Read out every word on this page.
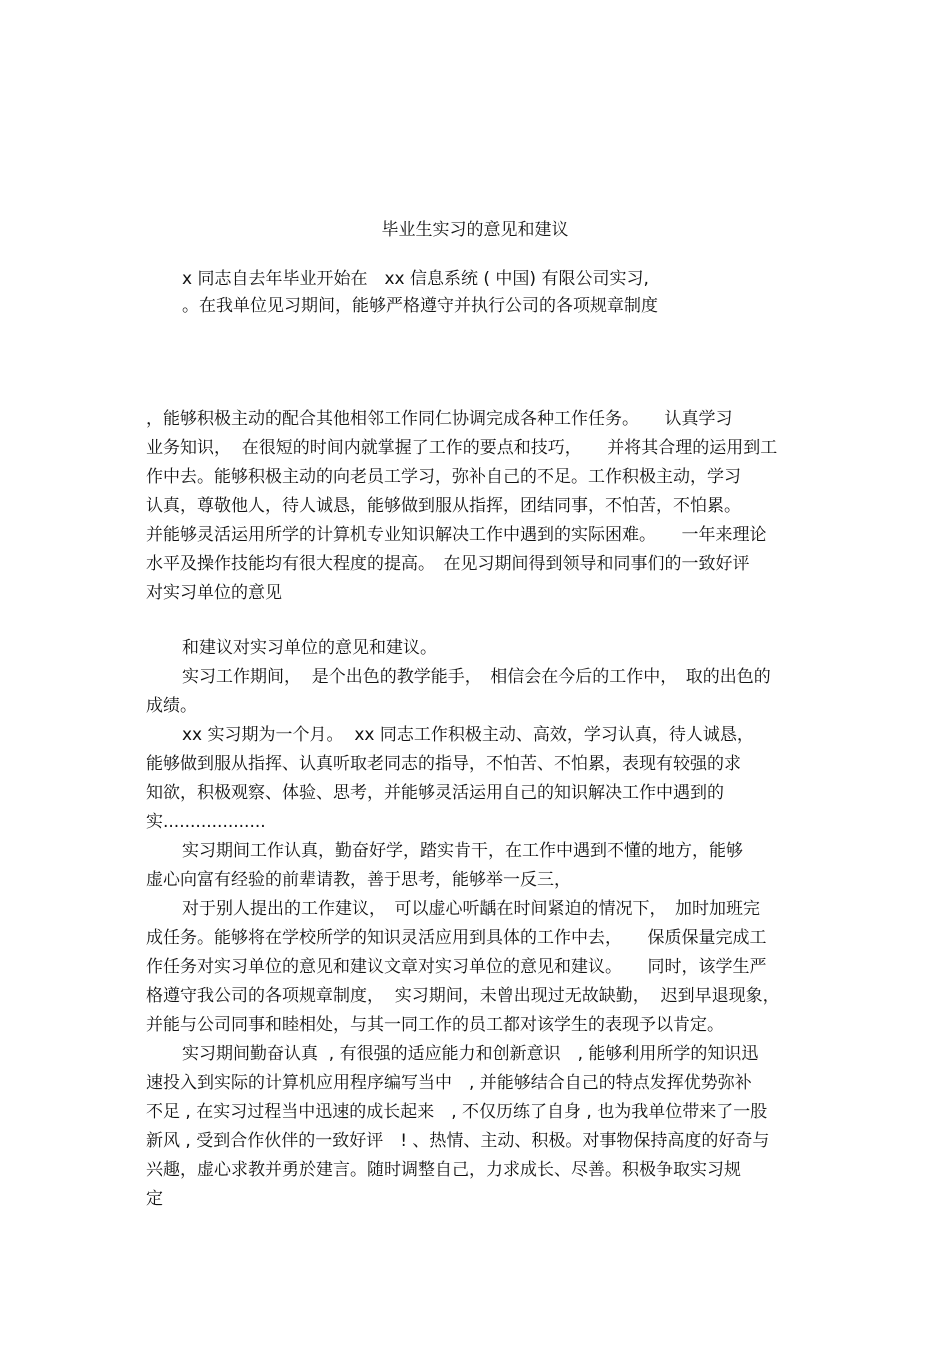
毕业生实习的意见和建议
x 同志自去年毕业开始在　xx 信息系统 ( 中国) 有限公司实习,
。在我单位见习期间，能够严格遵守并执行公司的各项规章制度
，能够积极主动的配合其他相邻工作同仁协调完成各种工作任务。　　认真学习
业务知识，  在很短的时间内就掌握了工作的要点和技巧，　　并将其合理的运用到工
作中去。能够积极主动的向老员工学习，弥补自己的不足。工作积极主动，学习
认真，尊敬他人，待人诚恳，能够做到服从指挥，团结同事，不怕苦，不怕累。
并能够灵活运用所学的计算机专业知识解决工作中遇到的实际困难。　　一年来理论
水平及操作技能均有很大程度的提高。　在见习期间得到领导和同事们的一致好评
对实习单位的意见
和建议对实习单位的意见和建议。
实习工作期间，  是个出色的教学能手，　相信会在今后的工作中，　取的出色的
成绩。
xx 实习期为一个月。  xx 同志工作积极主动、高效，学习认真，待人诚恳，
能够做到服从指挥、认真听取老同志的指导，不怕苦、不怕累，表现有较强的求
知欲，积极观察、体验、思考，并能够灵活运用自己的知识解决工作中遇到的
实...................
实习期间工作认真，勤奋好学，踏实肯干，在工作中遇到不懂的地方，能够
虚心向富有经验的前辈请教，善于思考，能够举一反三，
对于别人提出的工作建议，　可以虚心听龋在时间紧迫的情况下，　加时加班完
成任务。能够将在学校所学的知识灵活应用到具体的工作中去，　　保质保量完成工
作任务对实习单位的意见和建议文章对实习单位的意见和建议。　　同时，该学生严
格遵守我公司的各项规章制度，  实习期间，未曾出现过无故缺勤，  迟到早退现象，
并能与公司同事和睦相处，与其一同工作的员工都对该学生的表现予以肯定。
实习期间勤奋认真  , 有很强的适应能力和创新意识　, 能够利用所学的知识迅
速投入到实际的计算机应用程序编写当中　, 并能够结合自己的特点发挥优势弥补
不足 , 在实习过程当中迅速的成长起来　, 不仅历练了自身 , 也为我单位带来了一股
新风 , 受到合作伙伴的一致好评　! 、热情、主动、积极。对事物保持高度的好奇与
兴趣，虚心求教并勇於建言。随时调整自己，力求成长、尽善。积极争取实习规
定
